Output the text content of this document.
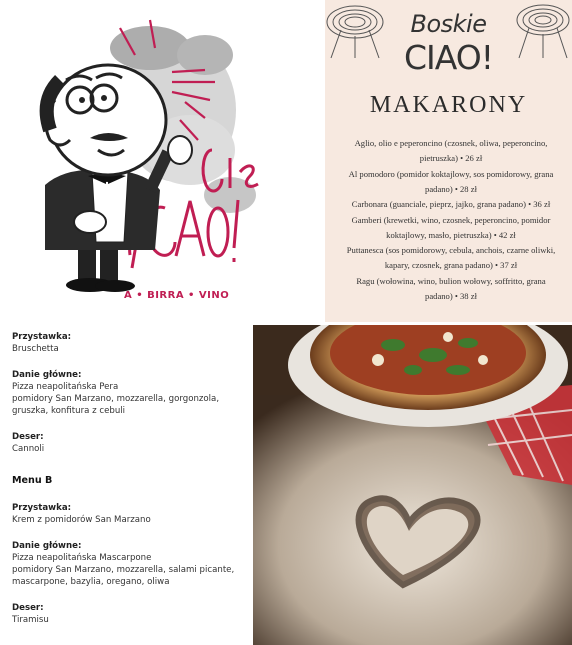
A • BIRRA • VINO
Boskie
CIAO!
MAKARONY
Aglio, olio e peperoncino (czosnek, oliwa, peperoncino, pietruszka) • 26 zł
Al pomodoro (pomidor koktajlowy, sos pomidorowy, grana padano) • 28 zł
Carbonara (guanciale, pieprz, jajko, grana padano) • 36 zł
Gamberi (krewetki, wino, czosnek, peperoncino, pomidor koktajlowy, masło, pietruszka) • 42 zł
Puttanesca (sos pomidorowy, cebula, anchois, czarne oliwki, kapary, czosnek, grana padano) • 37 zł
Ragu (wołowina, wino, bulion wołowy, soffritto, grana padano) • 38 zł
Przystawka:
Bruschetta
Danie główne:
Pizza neapolitańska Pera
pomidory San Marzano, mozzarella, gorgonzola,
gruszka, konfitura z cebuli
Deser:
Cannoli
Menu B
Przystawka:
Krem z pomidorów San Marzano
Danie główne:
Pizza neapolitańska Mascarpone
pomidory San Marzano, mozzarella, salami picante,
mascarpone, bazylia, oregano, oliwa
Deser:
Tiramisu
